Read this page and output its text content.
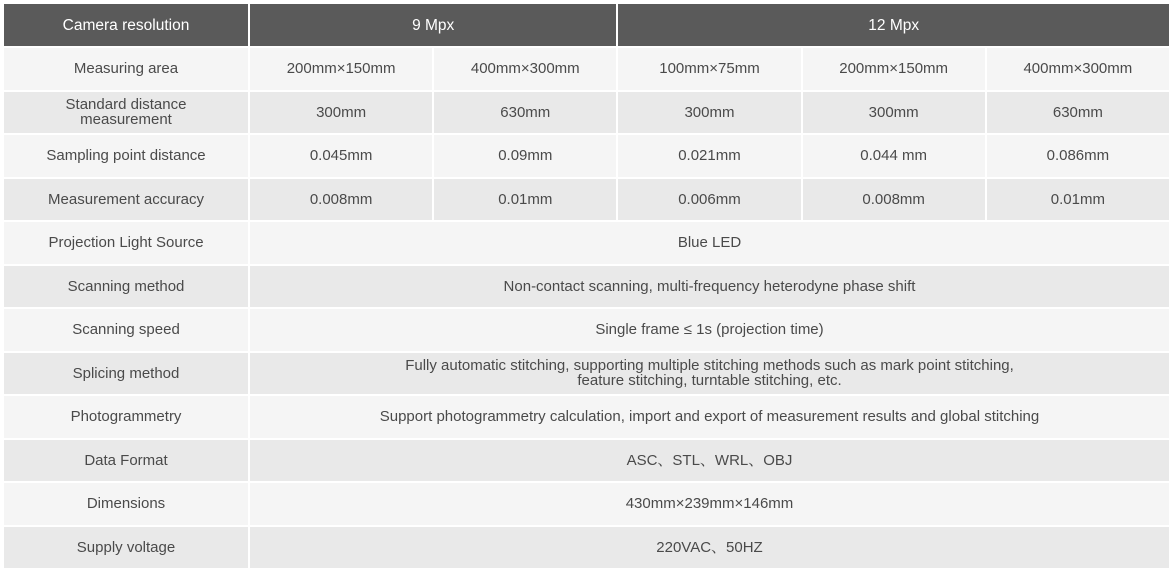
Camera resolution	9 Mpx		12 Mpx		
Measuring area	200mm×150mm	400mm×300mm	100mm×75mm	200mm×150mm	400mm×300mm

Standard distance
measurement	300mm	630mm	300mm	300mm	630mm
Sampling point distance	0.045mm	0.09mm	0.021mm	0.044 mm	0.086mm
Measurement accuracy	0.008mm	0.01mm	0.006mm	0.008mm	0.01mm
Projection Light Source	Blue LED				
Scanning method	Non-contact scanning, multi-frequency heterodyne phase shift				
Scanning speed	Single frame ≤ 1s (projection time)				
Splicing method	Fully automatic stitching, supporting multiple stitching methods such as mark point stitching,
feature stitching, turntable stitching, etc.				

Photogrammetry	Support photogrammetry calculation, import and export of measurement results and global stitching				
Data Format	ASC、STL、WRL、OBJ				
Dimensions	430mm×239mm×146mm				
Supply voltage	220VAC、50HZ				
